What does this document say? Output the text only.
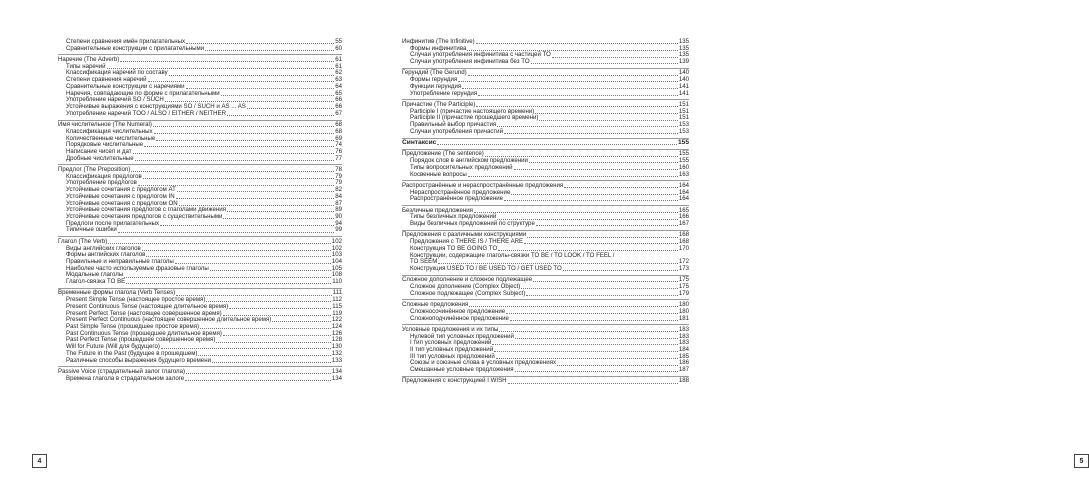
Степени сравнения имён прилагательных	55
Сравнительные конструкции с прилагательными	60
Наречие (The Adverb)	61
Типы наречий	61
Классификация наречий по составу	62
Степени сравнения наречий	63
Сравнительные конструкции с наречиями	64
Наречия, совпадающие по форме с прилагательными	65
Употребление наречий SO / SUCH	66
Устойчивые выражения с конструкциями SO / SUCH и AS ... AS	66
Употребление наречий TOO / ALSO / EITHER / NEITHER	67
Имя числительное (The Numeral)	68
Классификация числительных	68
Количественные числительные	69
Порядковые числительные	74
Написание чисел и дат	76
Дробные числительные	77
Предлог (The Preposition)	78
Классификация предлогов	79
Употребление предлогов	79
Устойчивые сочетания с предлогом AT	82
Устойчивые сочетания с предлогом IN	84
Устойчивые сочетания с предлогом ON	87
Устойчивые сочетания предлогов с глаголами движения	89
Устойчивые сочетания предлогов с существительными	90
Предлоги после прилагательных	94
Типичные ошибки	99
Глагол (The Verb)	102
Виды английских глаголов	102
Формы английских глаголов	103
Правильные и неправильные глаголы	104
Наиболее часто используемые фразовые глаголы	105
Модальные глаголы	108
Глагол-связка TO BE	110
Временные формы глагола (Verb Tenses)	111
Present Simple Tense (настоящее простое время)	112
Present Continuous Tense (настоящее длительное время)	115
Present Perfect Tense (настоящее совершенное время)	119
Present Perfect Continuous (настоящее совершенное длительное время)	122
Past Simple Tense (прошедшее простое время)	124
Past Continuous Tense (прошедшее длительное время)	126
Past Perfect Tense (прошедшее совершенное время)	128
Will for Future (Will для будущего)	130
The Future in the Past (будущее в прошедшем)	132
Различные способы выражения будущего времени	133
Passive Voice (страдательный залог глагола)	134
Времена глагола в страдательном залоге	134
4
Инфинитив (The Infinitive)	135
Формы инфинитива	135
Случаи употребления инфинитива с частицей TO	135
Случаи употребления инфинитива без TO	139
Герундий (The Gerund)	140
Формы герундия	140
Функции герундия	141
Употребление герундия	141
Причастие (The Participle)	151
Participle I (причастие настоящего времени)	151
Participle II (причастие прошедшего времени)	151
Правильный выбор причастия	153
Случаи употребления причастий	153
Синтаксис	155
Предложение (The sentence)	155
Порядок слов в английском предложении	155
Типы вопросительных предложений	160
Косвенные вопросы	163
Распространённые и нераспространённые предложения	164
Нераспространённое предложение	164
Распространённое предложение	164
Безличные предложения	165
Типы безличных предложений	166
Виды безличных предложений по структуре	167
Предложения с различными конструкциями	168
Предложения с THERE IS / THERE ARE	168
Конструкция TO BE GOING TO	170
Конструкции, содержащие глаголы-связки TO BE / TO LOOK / TO FEEL /
TO SEEM	172
Конструкция USED TO / BE USED TO / GET USED TO	173
Сложное дополнение и сложное подлежащее	175
Сложное дополнение (Complex Object)	175
Сложное подлежащее (Complex Subject)	179
Сложные предложения	180
Сложносочинённое предложение	180
Сложноподчинённое предложение	181
Условные предложения и их типы	183
Нулевой тип условных предложений	183
I тип условных предложений	183
II тип условных предложений	184
III тип условных предложений	185
Союзы и союзные слова в условных предложениях	186
Смешанные условные предложения	187
Предложения с конструкцией I WISH	188
5
